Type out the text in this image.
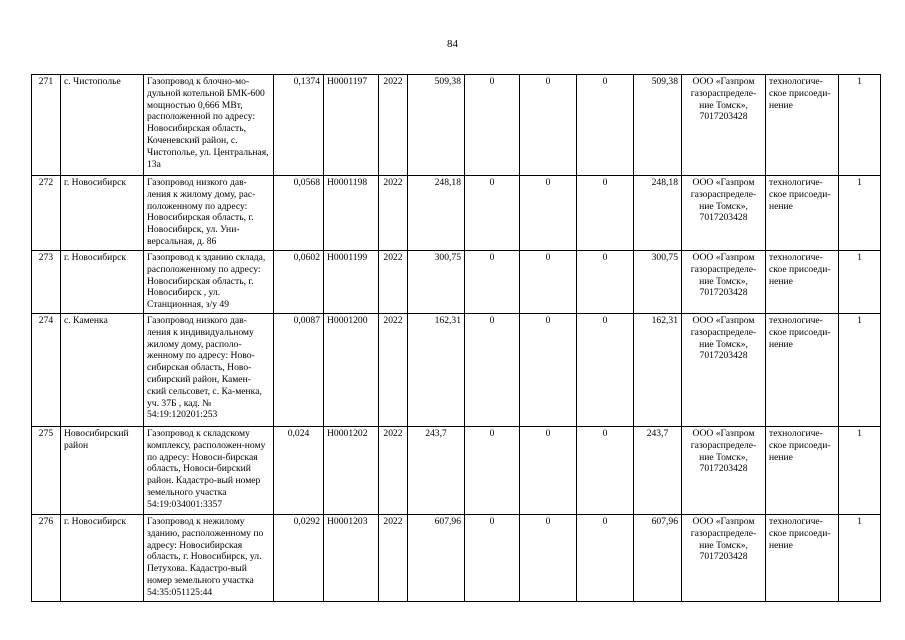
84
271	с. Чистополье	Газопровод к блочно-мо-дульной котельной БМК-600 мощностью 0,666 МВт, расположенной по адресу: Новосибирская область, Коченевский район, с. Чистополье, ул. Центральная, 13а	0,1374	Н0001197	2022	509,38	0	0	0	509,38	ООО «Газпром газораспределе-ние Томск», 7017203428	технологиче-ское присоеди-нение	1
272	г. Новосибирск	Газопровод низкого дав-ления к жилому дому, рас-положенному по адресу: Новосибирская область, г. Новосибирск, ул. Уни-версальная, д. 86	0,0568	Н0001198	2022	248,18	0	0	0	248,18	ООО «Газпром газораспределе-ние Томск», 7017203428	технологиче-ское присоеди-нение	1
273	г. Новосибирск	Газопровод к зданию склада, расположенному по адресу: Новосибирская область, г. Новосибирск , ул. Станционная, з/у 49	0,0602	Н0001199	2022	300,75	0	0	0	300,75	ООО «Газпром газораспределе-ние Томск», 7017203428	технологиче-ское присоеди-нение	1
274	с. Каменка	Газопровод низкого дав-ления к индивидуальному жилому дому, располо-женному по адресу: Ново-сибирская область, Ново-сибирский район, Камен-ский сельсовет, с. Ка-менка, уч. 37Б , кад. № 54:19:120201:253	0,0087	Н0001200	2022	162,31	0	0	0	162,31	ООО «Газпром газораспределе-ние Томск», 7017203428	технологиче-ское присоеди-нение	1
275	Новосибирский район	Газопровод к складскому комплексу, расположен-ному по адресу: Новоси-бирская область, Новоси-бирский район. Кадастро-вый номер земельного участка 54:19:034001:3357	0,024	Н0001202	2022	243,7	0	0	0	243,7	ООО «Газпром газораспределе-ние Томск», 7017203428	технологиче-ское присоеди-нение	1
276	г. Новосибирск	Газопровод к нежилому зданию, расположенному по адресу: Новосибирская область, г. Новосибирск, ул. Петухова. Кадастро-вый номер земельного участка 54:35:051125:44	0,0292	Н0001203	2022	607,96	0	0	0	607,96	ООО «Газпром газораспределе-ние Томск», 7017203428	технологиче-ское присоеди-нение	1
